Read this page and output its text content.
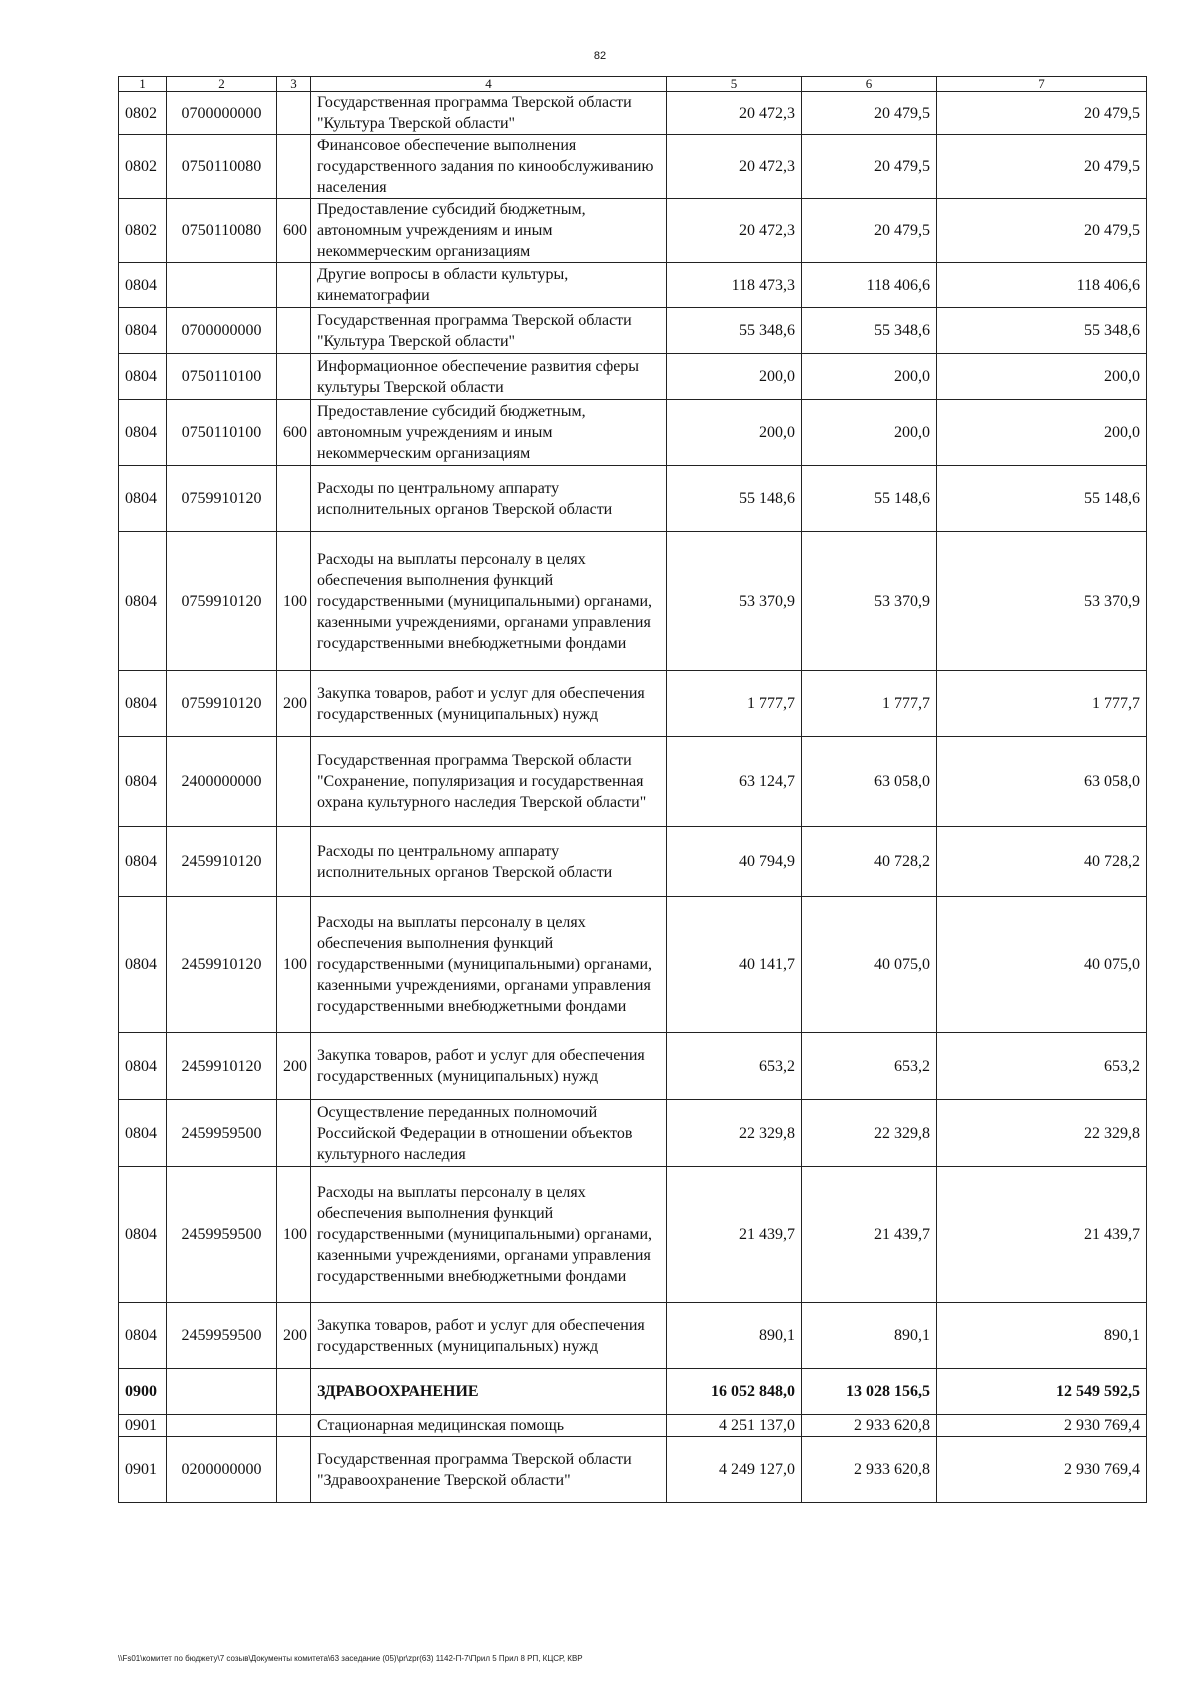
82
1	2	3	4	5	6	7
0802	0700000000		Государственная программа Тверской области "Культура Тверской области"	20 472,3	20 479,5	20 479,5
0802	0750110080		Финансовое обеспечение выполнения государственного задания по кинообслуживанию населения	20 472,3	20 479,5	20 479,5
0802	0750110080	600	Предоставление субсидий бюджетным, автономным учреждениям и иным некоммерческим организациям	20 472,3	20 479,5	20 479,5
0804			Другие вопросы в области культуры, кинематографии	118 473,3	118 406,6	118 406,6
0804	0700000000		Государственная программа Тверской области "Культура Тверской области"	55 348,6	55 348,6	55 348,6
0804	0750110100		Информационное обеспечение развития сферы культуры Тверской области	200,0	200,0	200,0
0804	0750110100	600	Предоставление субсидий бюджетным, автономным учреждениям и иным некоммерческим организациям	200,0	200,0	200,0
0804	0759910120		Расходы по центральному аппарату исполнительных органов Тверской области	55 148,6	55 148,6	55 148,6
0804	0759910120	100	Расходы на выплаты персоналу в целях обеспечения выполнения функций государственными (муниципальными) органами, казенными учреждениями, органами управления государственными внебюджетными фондами	53 370,9	53 370,9	53 370,9
0804	0759910120	200	Закупка товаров, работ и услуг для обеспечения государственных (муниципальных) нужд	1 777,7	1 777,7	1 777,7
0804	2400000000		Государственная программа Тверской области "Сохранение, популяризация и государственная охрана культурного наследия Тверской области"	63 124,7	63 058,0	63 058,0
0804	2459910120		Расходы по центральному аппарату исполнительных органов Тверской области	40 794,9	40 728,2	40 728,2
0804	2459910120	100	Расходы на выплаты персоналу в целях обеспечения выполнения функций государственными (муниципальными) органами, казенными учреждениями, органами управления государственными внебюджетными фондами	40 141,7	40 075,0	40 075,0
0804	2459910120	200	Закупка товаров, работ и услуг для обеспечения государственных (муниципальных) нужд	653,2	653,2	653,2
0804	2459959500		Осуществление переданных полномочий Российской Федерации в отношении объектов культурного наследия	22 329,8	22 329,8	22 329,8
0804	2459959500	100	Расходы на выплаты персоналу в целях обеспечения выполнения функций государственными (муниципальными) органами, казенными учреждениями, органами управления государственными внебюджетными фондами	21 439,7	21 439,7	21 439,7
0804	2459959500	200	Закупка товаров, работ и услуг для обеспечения государственных (муниципальных) нужд	890,1	890,1	890,1
0900			ЗДРАВООХРАНЕНИЕ	16 052 848,0	13 028 156,5	12 549 592,5
0901			Стационарная медицинская помощь	4 251 137,0	2 933 620,8	2 930 769,4
0901	0200000000		Государственная программа Тверской области "Здравоохранение Тверской области"	4 249 127,0	2 933 620,8	2 930 769,4
\\Fs01\комитет по бюджету\7 созыв\Документы комитета\63 заседание (05)\pr\zpr(63) 1142-П-7\Прил 5 Прил 8 РП, КЦСР, КВР
